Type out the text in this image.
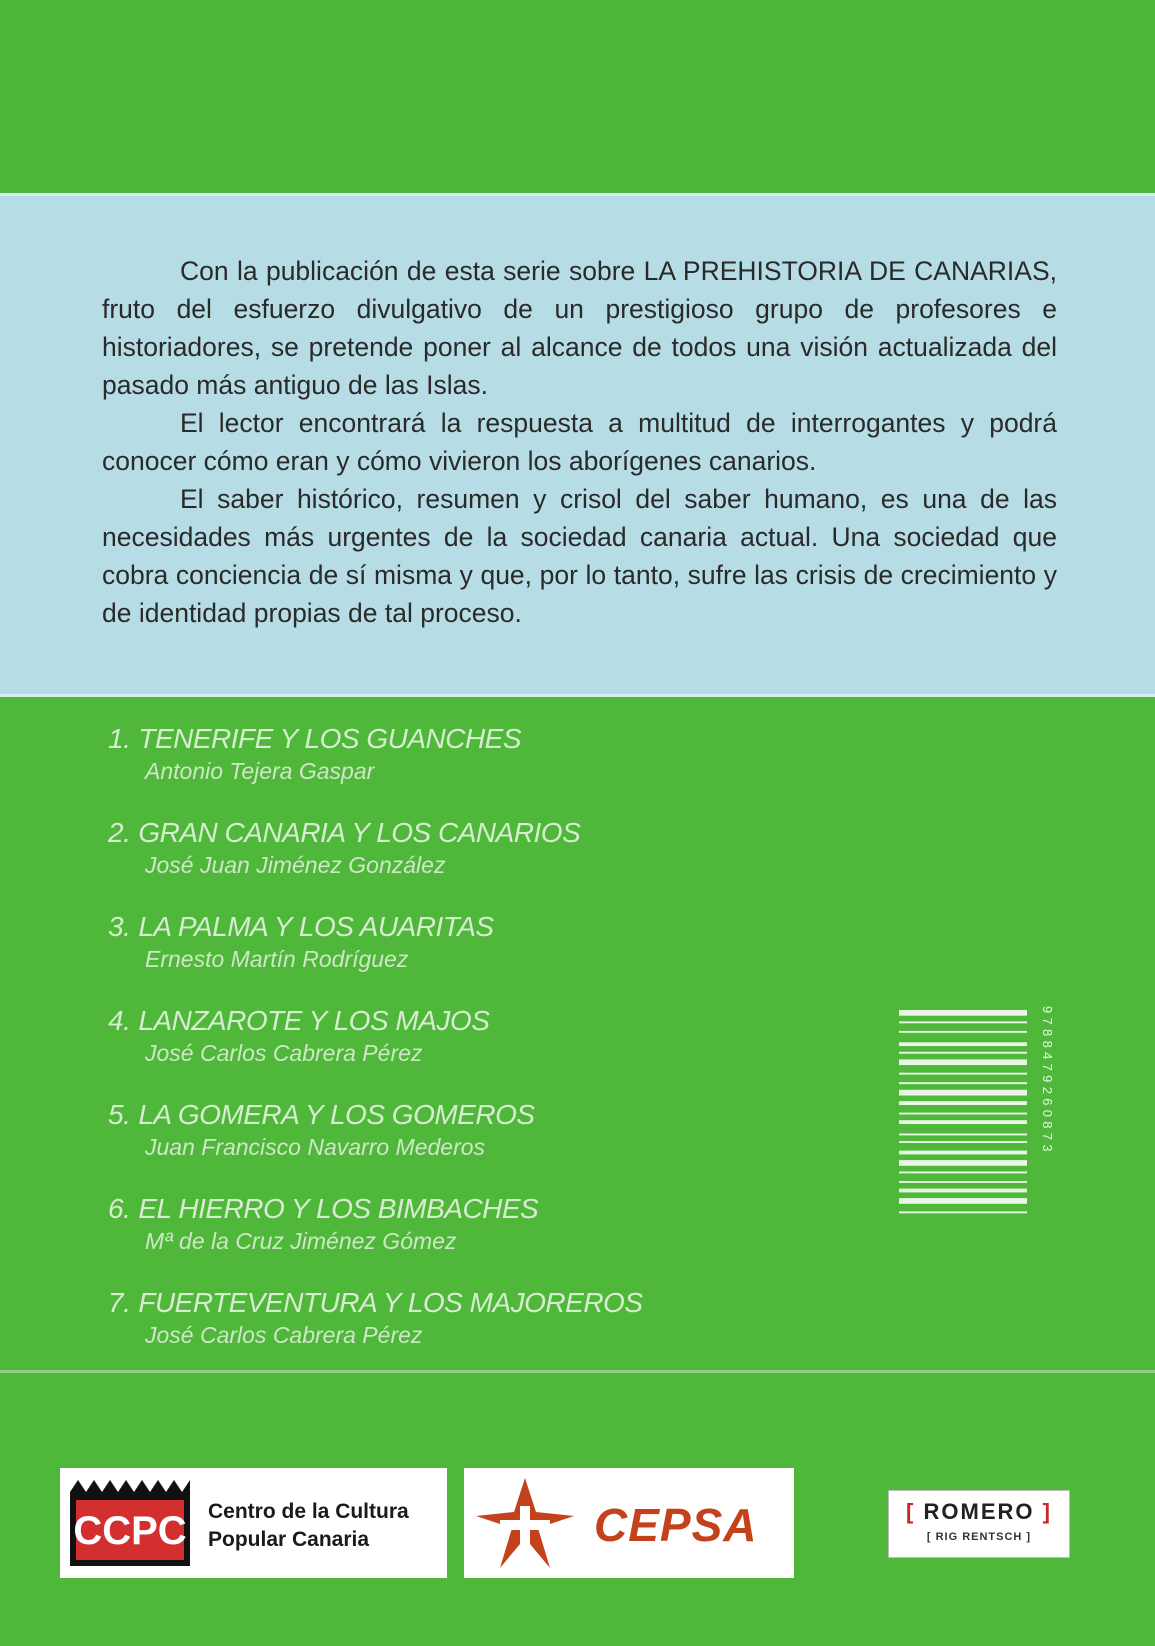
Con la publicación de esta serie sobre LA PREHISTORIA DE CANARIAS, fruto del esfuerzo divulgativo de un prestigioso grupo de profesores e historiadores, se pretende poner al alcance de todos una visión actualizada del pasado más antiguo de las Islas.

El lector encontrará la respuesta a multitud de interrogantes y podrá conocer cómo eran y cómo vivieron los aborígenes canarios.

El saber histórico, resumen y crisol del saber humano, es una de las necesidades más urgentes de la sociedad canaria actual. Una sociedad que cobra conciencia de sí misma y que, por lo tanto, sufre las crisis de crecimiento y de identidad propias de tal proceso.

1. TENERIFE Y LOS GUANCHES
Antonio Tejera Gaspar
2. GRAN CANARIA Y LOS CANARIOS
José Juan Jiménez González
3. LA PALMA Y LOS AUARITAS
Ernesto Martín Rodríguez
4. LANZAROTE Y LOS MAJOS
José Carlos Cabrera Pérez
5. LA GOMERA Y LOS GOMEROS
Juan Francisco Navarro Mederos
6. EL HIERRO Y LOS BIMBACHES
Mª de la Cruz Jiménez Gómez
7. FUERTEVENTURA Y LOS MAJOREROS
José Carlos Cabrera Pérez
9788479260873
CCPC Centro de la Cultura
Popular Canaria	CEPSA	[ ROMERO ]
[ RIG RENTSCH ]
